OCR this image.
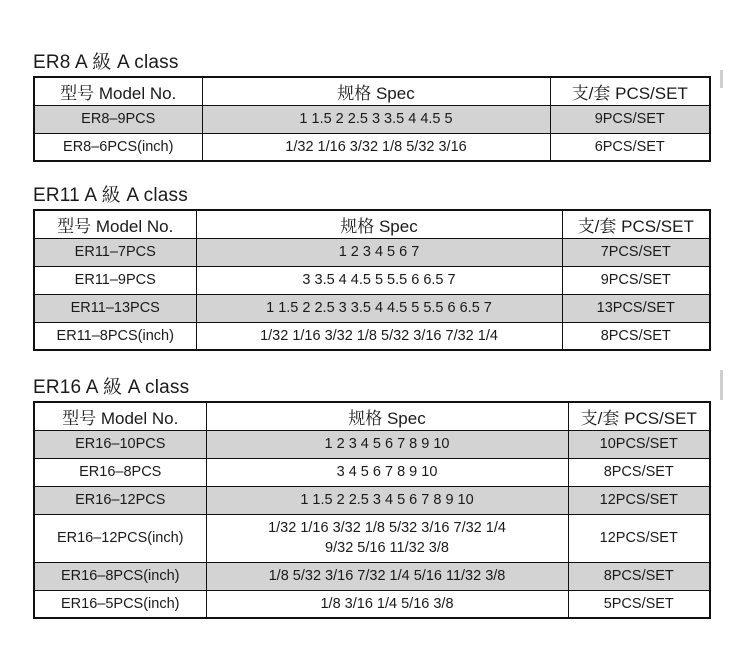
ER8 A 級 A class
型号 Model No.	规格 Spec	支/套 PCS/SET
ER8–9PCS	1 1.5 2 2.5 3 3.5 4 4.5 5	9PCS/SET
ER8–6PCS(inch)	1/32 1/16 3/32 1/8 5/32 3/16	6PCS/SET
ER11 A 級 A class
型号 Model No.	规格 Spec	支/套 PCS/SET
ER11–7PCS	1 2 3 4 5 6 7	7PCS/SET
ER11–9PCS	3 3.5 4 4.5 5 5.5 6 6.5 7	9PCS/SET
ER11–13PCS	1 1.5 2 2.5 3 3.5 4 4.5 5 5.5 6 6.5 7	13PCS/SET
ER11–8PCS(inch)	1/32 1/16 3/32 1/8 5/32 3/16 7/32 1/4	8PCS/SET
ER16 A 級 A class
型号 Model No.	规格 Spec	支/套 PCS/SET
ER16–10PCS	1 2 3 4 5 6 7 8 9 10	10PCS/SET
ER16–8PCS	3 4 5 6 7 8 9 10	8PCS/SET
ER16–12PCS	1 1.5 2 2.5 3 4 5 6 7 8 9 10	12PCS/SET
ER16–12PCS(inch)	1/32 1/16 3/32 1/8 5/32 3/16 7/32 1/4
9/32 5/16 11/32 3/8	12PCS/SET
ER16–8PCS(inch)	1/8 5/32 3/16 7/32 1/4 5/16 11/32 3/8	8PCS/SET
ER16–5PCS(inch)	1/8 3/16 1/4 5/16 3/8	5PCS/SET
